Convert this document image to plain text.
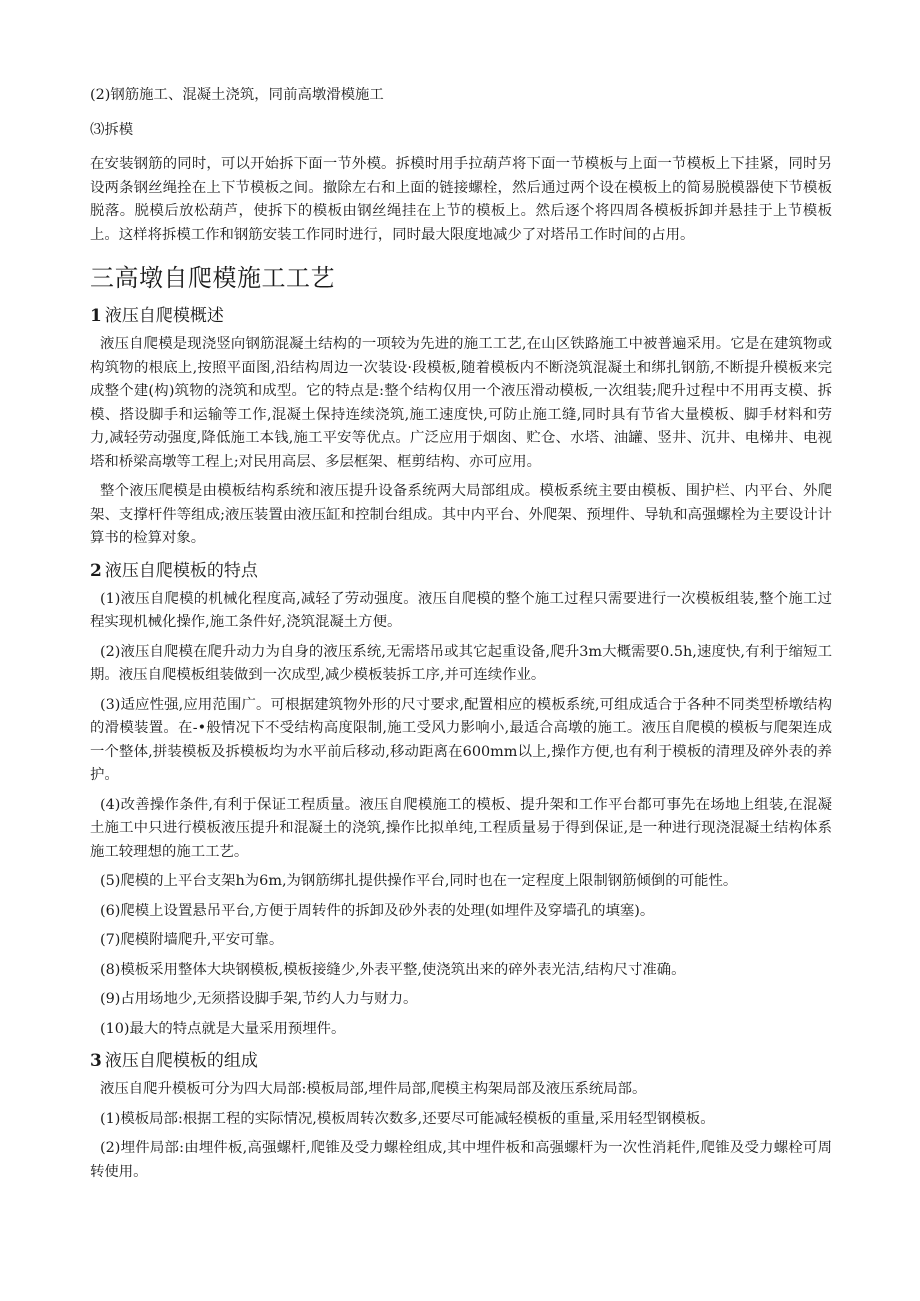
(2)钢筋施工、混凝土浇筑，同前高墩滑模施工

⑶拆模

在安装钢筋的同时，可以开始拆下面一节外模。拆模时用手拉葫芦将下面一节模板与上面一节模板上下挂紧，同时另设两条钢丝绳拴在上下节模板之间。撤除左右和上面的链接螺栓，然后通过两个设在模板上的简易脱模器使下节模板脱落。脱模后放松葫芦，使拆下的模板由钢丝绳挂在上节的模板上。然后逐个将四周各模板拆卸并悬挂于上节模板上。这样将拆模工作和钢筋安装工作同时进行，同时最大限度地减少了对塔吊工作时间的占用。

三高墩自爬模施工工艺
1 液压自爬模概述

液压自爬模是现浇竖向钢筋混凝土结构的一项较为先进的施工工艺,在山区铁路施工中被普遍采用。它是在建筑物或构筑物的根底上,按照平面图,沿结构周边一次装设·段模板,随着模板内不断浇筑混凝土和绑扎钢筋,不断提升模板来完成整个建(构)筑物的浇筑和成型。它的特点是:整个结构仅用一个液压滑动模板,一次组装;爬升过程中不用再支模、拆模、搭设脚手和运输等工作,混凝土保持连续浇筑,施工速度快,可防止施工缝,同时具有节省大量模板、脚手材料和劳力,减轻劳动强度,降低施工本钱,施工平安等优点。广泛应用于烟囱、贮仓、水塔、油罐、竖井、沉井、电梯井、电视塔和桥梁高墩等工程上;对民用高层、多层框架、框剪结构、亦可应用。

整个液压爬模是由模板结构系统和液压提升设备系统两大局部组成。模板系统主要由模板、围护栏、内平台、外爬架、支撑杆件等组成;液压装置由液压缸和控制台组成。其中内平台、外爬架、预埋件、导轨和高强螺栓为主要设计计算书的检算对象。

2 液压自爬模板的特点

(1)液压自爬模的机械化程度高,减轻了劳动强度。液压自爬模的整个施工过程只需要进行一次模板组装,整个施工过程实现机械化操作,施工条件好,浇筑混凝土方便。

(2)液压自爬模在爬升动力为自身的液压系统,无需塔吊或其它起重设备,爬升3m大概需要0.5h,速度快,有利于缩短工期。液压自爬模板组装做到一次成型,减少模板装拆工序,并可连续作业。

(3)适应性强,应用范围广。可根据建筑物外形的尺寸要求,配置相应的模板系统,可组成适合于各种不同类型桥墩结构的滑模装置。在-•般情况下不受结构高度限制,施工受风力影响小,最适合高墩的施工。液压自爬模的模板与爬架连成一个整体,拼装模板及拆模板均为水平前后移动,移动距离在600mm以上,操作方便,也有利于模板的清理及碎外表的养护。

(4)改善操作条件,有利于保证工程质量。液压自爬模施工的模板、提升架和工作平台都可事先在场地上组装,在混凝土施工中只进行模板液压提升和混凝土的浇筑,操作比拟单纯,工程质量易于得到保证,是一种进行现浇混凝土结构体系施工较理想的施工工艺。

(5)爬模的上平台支架h为6m,为钢筋绑扎提供操作平台,同时也在一定程度上限制钢筋倾倒的可能性。

(6)爬模上设置悬吊平台,方便于周转件的拆卸及砂外表的处理(如埋件及穿墙孔的填塞)。

(7)爬模附墙爬升,平安可靠。

(8)模板采用整体大块钢模板,模板接缝少,外表平整,使浇筑出来的碎外表光洁,结构尺寸准确。

(9)占用场地少,无须搭设脚手架,节约人力与财力。

(10)最大的特点就是大量采用预埋件。

3 液压自爬模板的组成

液压自爬升模板可分为四大局部:模板局部,埋件局部,爬模主构架局部及液压系统局部。

(1)模板局部:根据工程的实际情况,模板周转次数多,还要尽可能减轻模板的重量,采用轻型钢模板。

(2)埋件局部:由埋件板,高强螺杆,爬锥及受力螺栓组成,其中埋件板和高强螺杆为一次性消耗件,爬锥及受力螺栓可周转使用。
